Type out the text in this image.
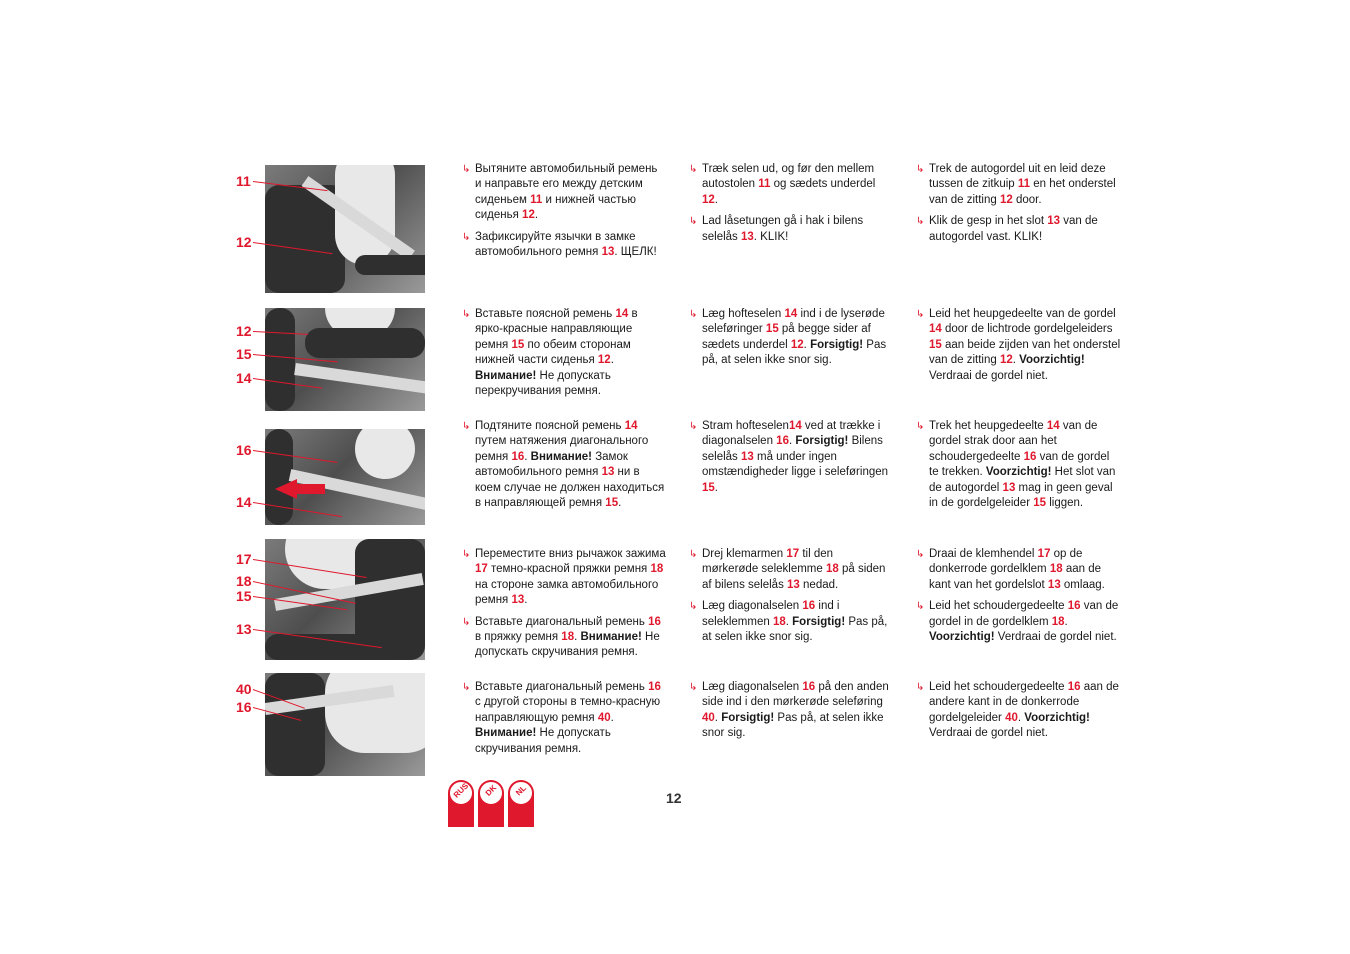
11
12
12
15
14
16
14
17
18
15
13
40
16
↳ Вытяните автомобильный ремень и направьте его между детским сиденьем 11 и нижней частью сиденья 12.
↳ Зафиксируйте язычки в замке автомобильного ремня 13. ЩЕЛК!
↳ Вставьте поясной ремень 14 в ярко-красные направляющие ремня 15 по обеим сторонам нижней части сиденья 12. Внимание! Не допускать перекручивания ремня.
↳ Подтяните поясной ремень 14 путем натяжения диагонального ремня 16. Внимание! Замок автомобильного ремня 13 ни в коем случае не должен находиться в направляющей ремня 15.
↳ Переместите вниз рычажок зажима 17 темно-красной пряжки ремня 18 на стороне замка автомобильного ремня 13.
↳ Вставьте диагональный ремень 16 в пряжку ремня 18. Внимание! Не допускать скручивания ремня.
↳ Вставьте диагональный ремень 16 с другой стороны в темно-красную направляющую ремня 40. Внимание! Не допускать скручивания ремня.
↳ Træk selen ud, og før den mellem autostolen 11 og sædets underdel 12.
↳ Lad låsetungen gå i hak i bilens selelås 13. KLIK!
↳ Læg hofteselen 14 ind i de lyserøde seleføringer 15 på begge sider af sædets underdel 12. Forsigtig! Pas på, at selen ikke snor sig.
↳ Stram hofteselen14 ved at trække i diagonalselen 16. Forsigtig! Bilens selelås 13 må under ingen omstændigheder ligge i seleføringen 15.
↳ Drej klemarmen 17 til den mørkerøde seleklemme 18 på siden af bilens selelås 13 nedad.
↳ Læg diagonalselen 16 ind i seleklemmen 18. Forsigtig! Pas på, at selen ikke snor sig.
↳ Læg diagonalselen 16 på den anden side ind i den mørkerøde seleføring 40. Forsigtig! Pas på, at selen ikke snor sig.
↳ Trek de autogordel uit en leid deze tussen de zitkuip 11 en het onderstel van de zitting 12 door.
↳ Klik de gesp in het slot 13 van de autogordel vast. KLIK!
↳ Leid het heupgedeelte van de gordel 14 door de lichtrode gordelgeleiders 15 aan beide zijden van het onderstel van de zitting 12. Voorzichtig! Verdraai de gordel niet.
↳ Trek het heupgedeelte 14 van de gordel strak door aan het schoudergedeelte 16 van de gordel te trekken. Voorzichtig! Het slot van de autogordel 13 mag in geen geval in de gordelgeleider 15 liggen.
↳ Draai de klemhendel 17 op de donkerrode gordelklem 18 aan de kant van het gordelslot 13 omlaag.
↳ Leid het schoudergedeelte 16 van de gordel in de gordelklem 18. Voorzichtig! Verdraai de gordel niet.
↳ Leid het schoudergedeelte 16 aan de andere kant in de donkerrode gordelgeleider 40. Voorzichtig! Verdraai de gordel niet.
12
RUS	DK	NL
